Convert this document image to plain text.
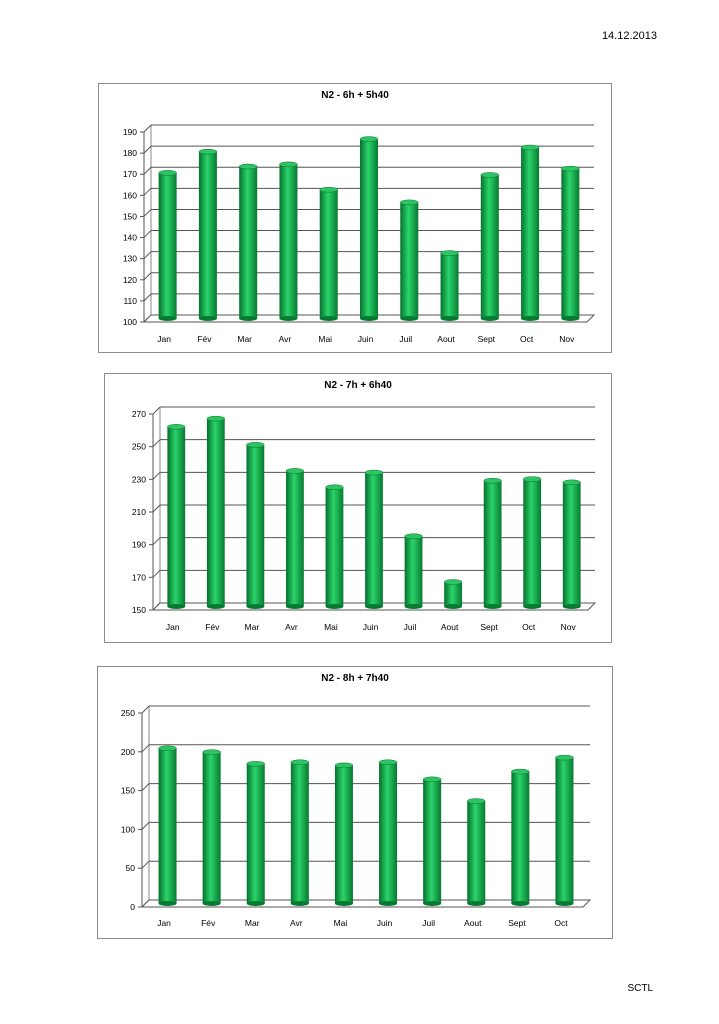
14.12.2013
N2 - 6h + 5h40
100
110
120
130
140
150
160
170
180
190
Jan	Fév	Mar	Avr	Mai	Juin	Juil	Aout	Sept	Oct	Nov
N2 - 7h + 6h40
150
170
190
210
230
250
270
Jan	Fév	Mar	Avr	Mai	Juin	Juil	Aout	Sept	Oct	Nov
N2 - 8h + 7h40
0
50
100
150
200
250
Jan	Fév	Mar	Avr	Mai	Juin	Juil	Aout	Sept	Oct
SCTL
